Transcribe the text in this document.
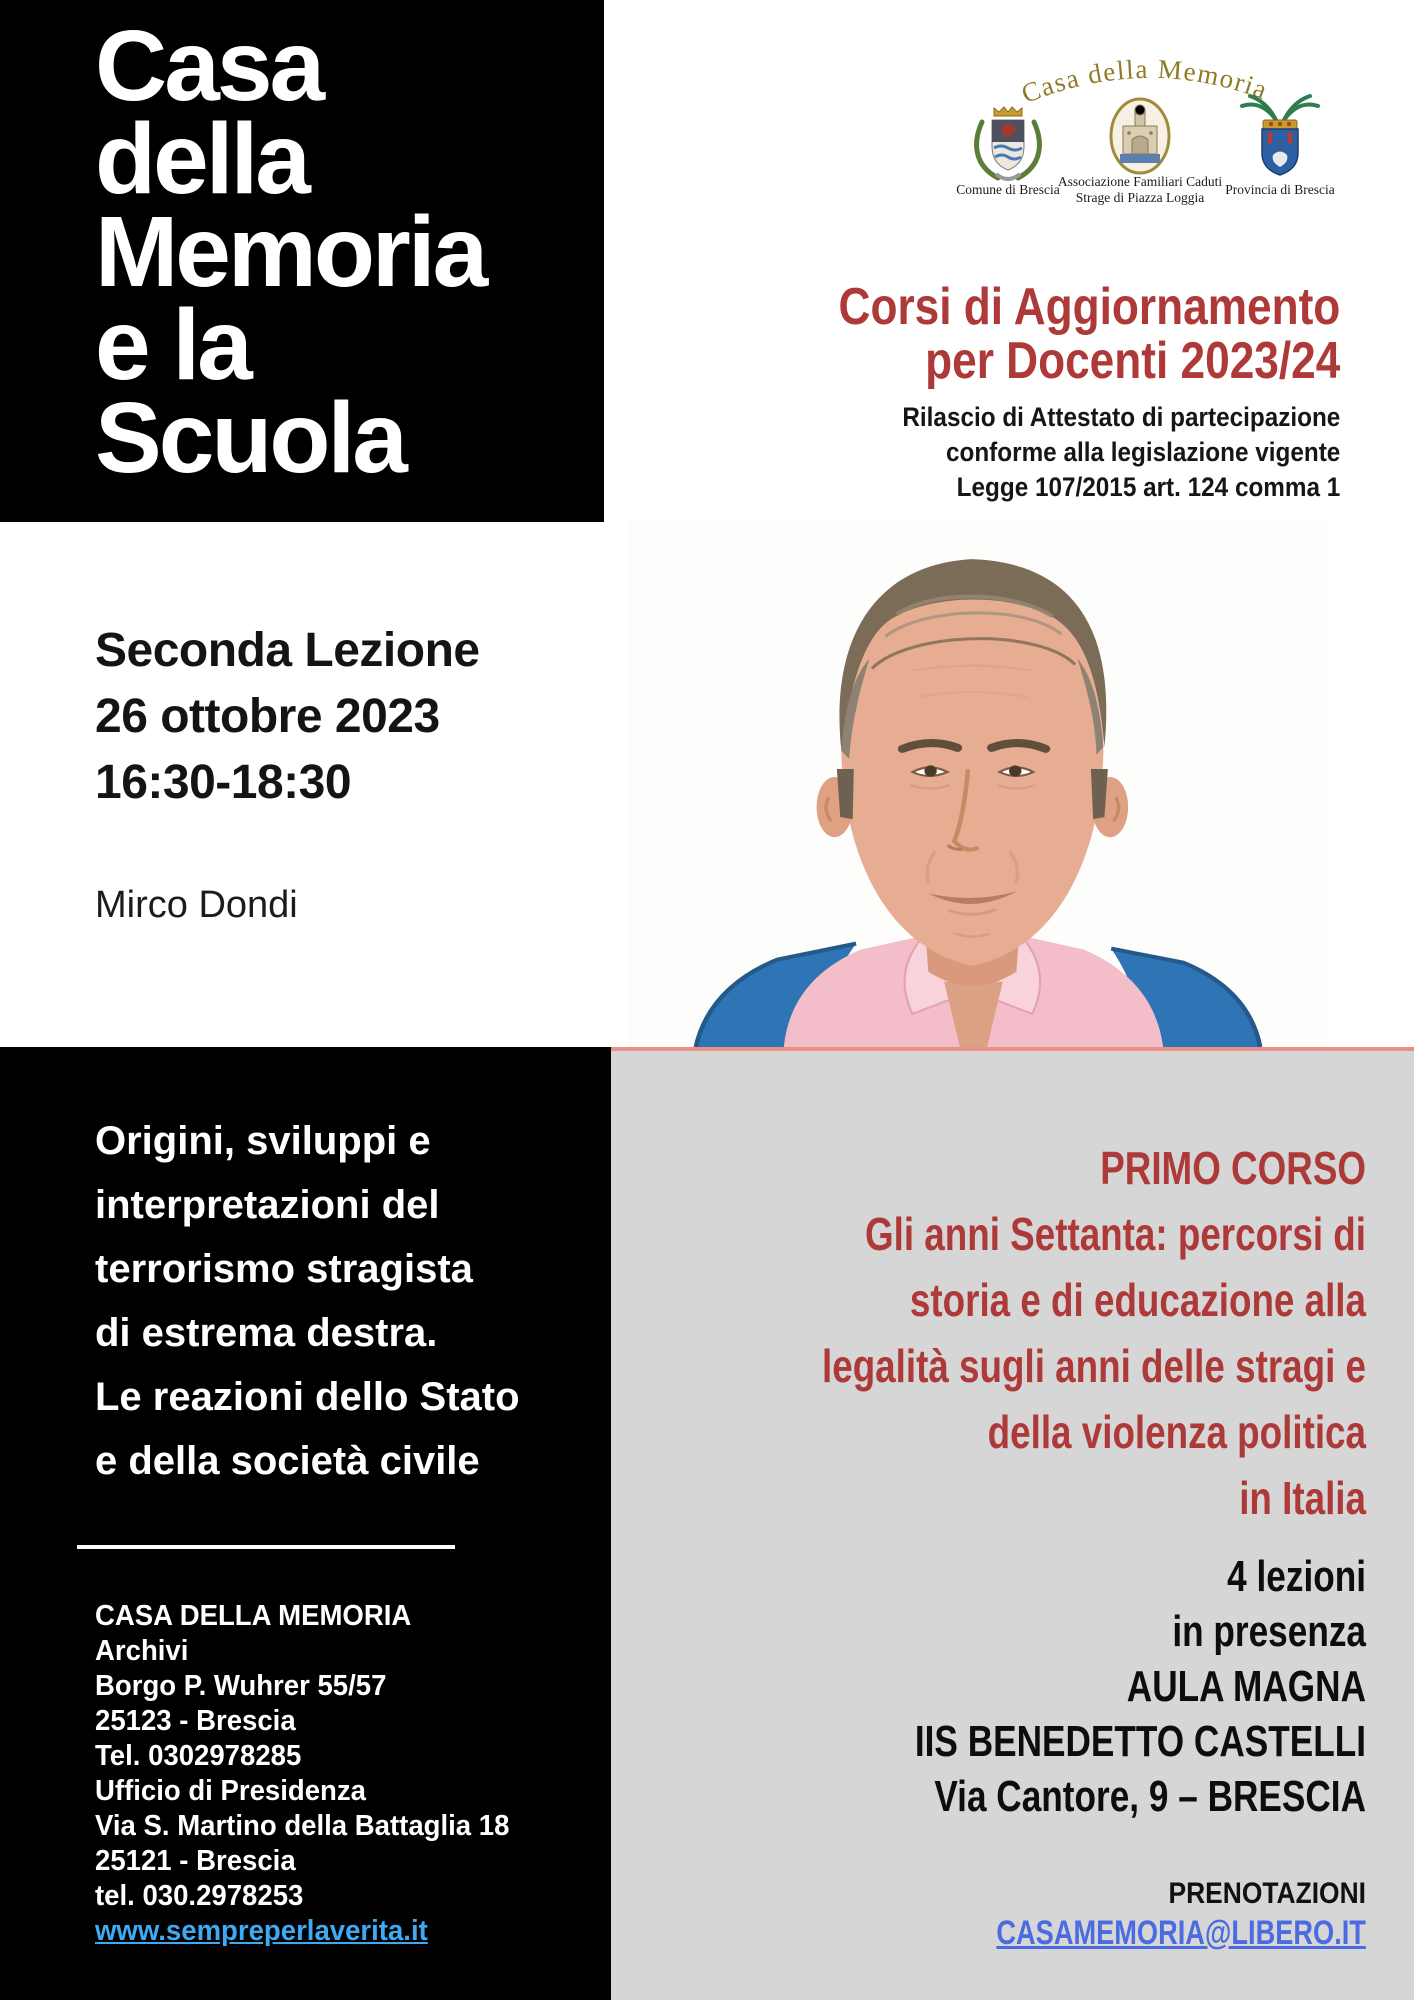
Casa
della
Memoria
e la
Scuola
Casa della Memoria
Comune di Brescia
Associazione Familiari Caduti
Strage di Piazza Loggia
Provincia di Brescia
Corsi di Aggiornamento
per Docenti 2023/24
Rilascio di Attestato di partecipazione
conforme alla legislazione vigente
Legge 107/2015 art. 124 comma 1
Seconda Lezione
26 ottobre 2023
16:30-18:30
Mirco Dondi
Origini, sviluppi e
interpretazioni del
terrorismo stragista
di estrema destra.
Le reazioni dello Stato
e della società civile
CASA DELLA MEMORIA
Archivi
Borgo P. Wuhrer 55/57
25123 - Brescia
Tel. 0302978285
Ufficio di Presidenza
Via S. Martino della Battaglia 18
25121 - Brescia
tel. 030.2978253
www.sempreperlaverita.it
PRIMO CORSO
Gli anni Settanta: percorsi di
storia e di educazione alla
legalità sugli anni delle stragi e
della violenza politica
in Italia
4 lezioni
in presenza
AULA MAGNA
IIS BENEDETTO CASTELLI
Via Cantore, 9 – BRESCIA
PRENOTAZIONI
CASAMEMORIA@LIBERO.IT
